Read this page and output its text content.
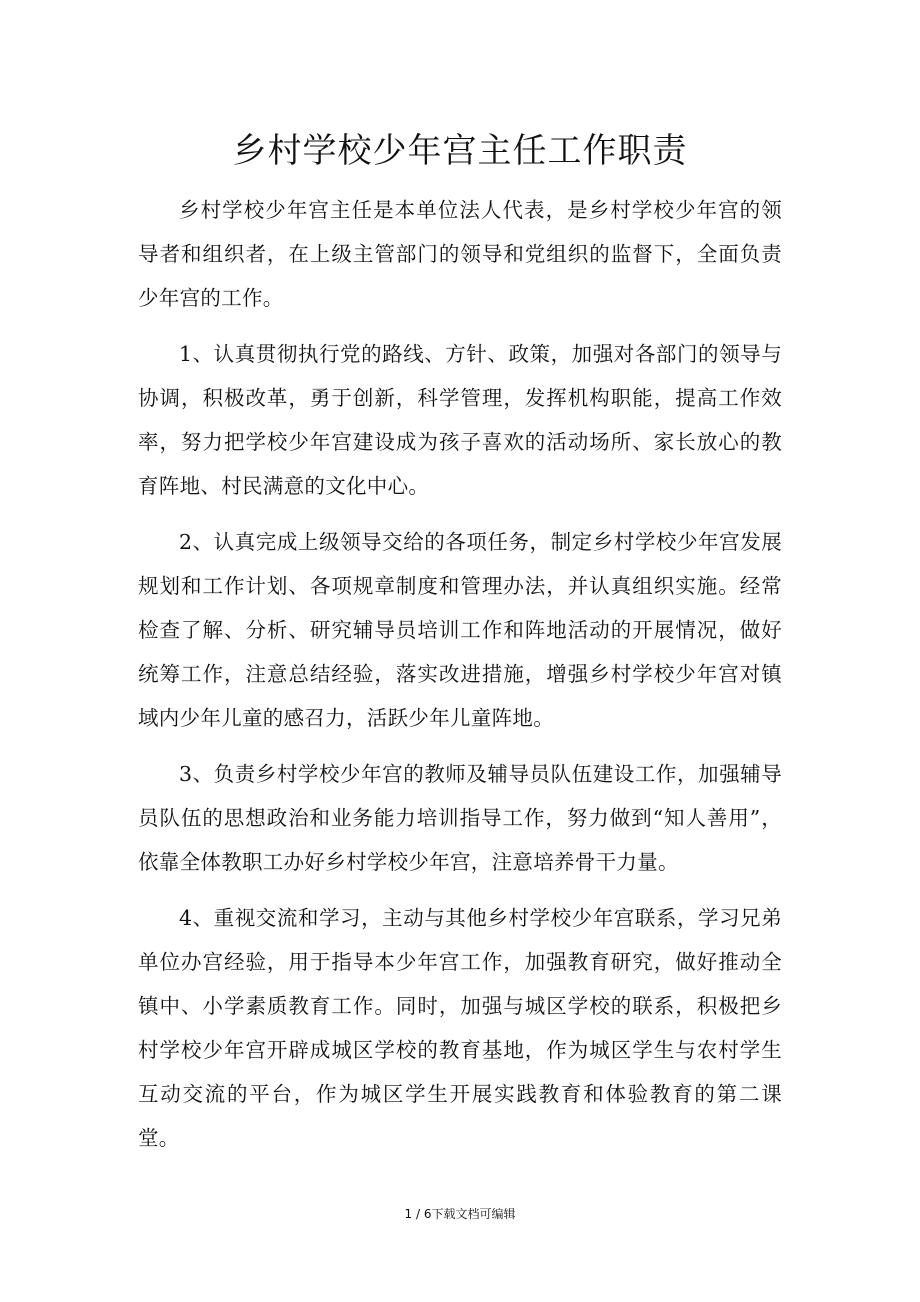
乡村学校少年宫主任工作职责

乡村学校少年宫主任是本单位法人代表，是乡村学校少年宫的领导者和组织者，在上级主管部门的领导和党组织的监督下，全面负责少年宫的工作。

1、认真贯彻执行党的路线、方针、政策，加强对各部门的领导与协调，积极改革，勇于创新，科学管理，发挥机构职能，提高工作效率，努力把学校少年宫建设成为孩子喜欢的活动场所、家长放心的教育阵地、村民满意的文化中心。

2、认真完成上级领导交给的各项任务，制定乡村学校少年宫发展规划和工作计划、各项规章制度和管理办法，并认真组织实施。经常检查了解、分析、研究辅导员培训工作和阵地活动的开展情况，做好统筹工作，注意总结经验，落实改进措施，增强乡村学校少年宫对镇域内少年儿童的感召力，活跃少年儿童阵地。

3、负责乡村学校少年宫的教师及辅导员队伍建设工作，加强辅导员队伍的思想政治和业务能力培训指导工作，努力做到“知人善用”，依靠全体教职工办好乡村学校少年宫，注意培养骨干力量。

4、重视交流和学习，主动与其他乡村学校少年宫联系，学习兄弟单位办宫经验，用于指导本少年宫工作，加强教育研究，做好推动全镇中、小学素质教育工作。同时，加强与城区学校的联系，积极把乡村学校少年宫开辟成城区学校的教育基地，作为城区学生与农村学生互动交流的平台，作为城区学生开展实践教育和体验教育的第二课堂。

1 / 6下载文档可编辑
